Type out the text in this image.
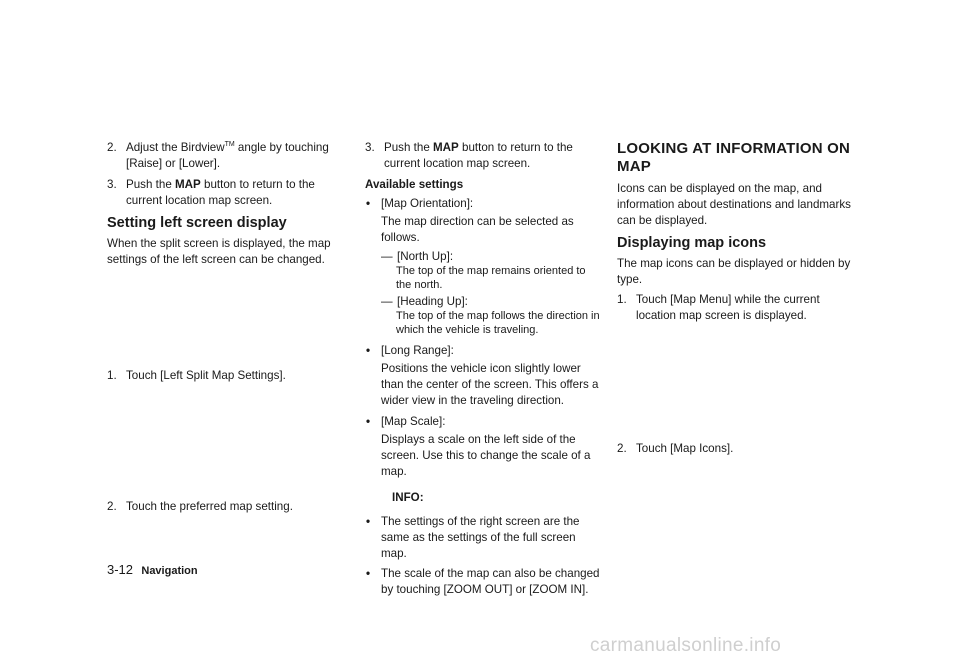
2. Adjust the Birdview™ angle by touching [Raise] or [Lower].

3. Push the MAP button to return to the current location map screen.

Setting left screen display

When the split screen is displayed, the map settings of the left screen can be changed.

1. Touch [Left Split Map Settings].

2. Touch the preferred map setting.

3. Push the MAP button to return to the current location map screen.

Available settings

• [Map Orientation]:

The map direction can be selected as follows.

— [North Up]:

The top of the map remains oriented to the north.

— [Heading Up]:

The top of the map follows the direction in which the vehicle is traveling.

• [Long Range]:

Positions the vehicle icon slightly lower than the center of the screen. This offers a wider view in the traveling direction.

• [Map Scale]:

Displays a scale on the left side of the screen. Use this to change the scale of a map.

INFO:

• The settings of the right screen are the same as the settings of the full screen map.

• The scale of the map can also be changed by touching [ZOOM OUT] or [ZOOM IN].

LOOKING AT INFORMATION ON MAP

Icons can be displayed on the map, and information about destinations and landmarks can be displayed.

Displaying map icons

The map icons can be displayed or hidden by type.

1. Touch [Map Menu] while the current location map screen is displayed.

2. Touch [Map Icons].

3-12 Navigation
carmanualsonline.info
